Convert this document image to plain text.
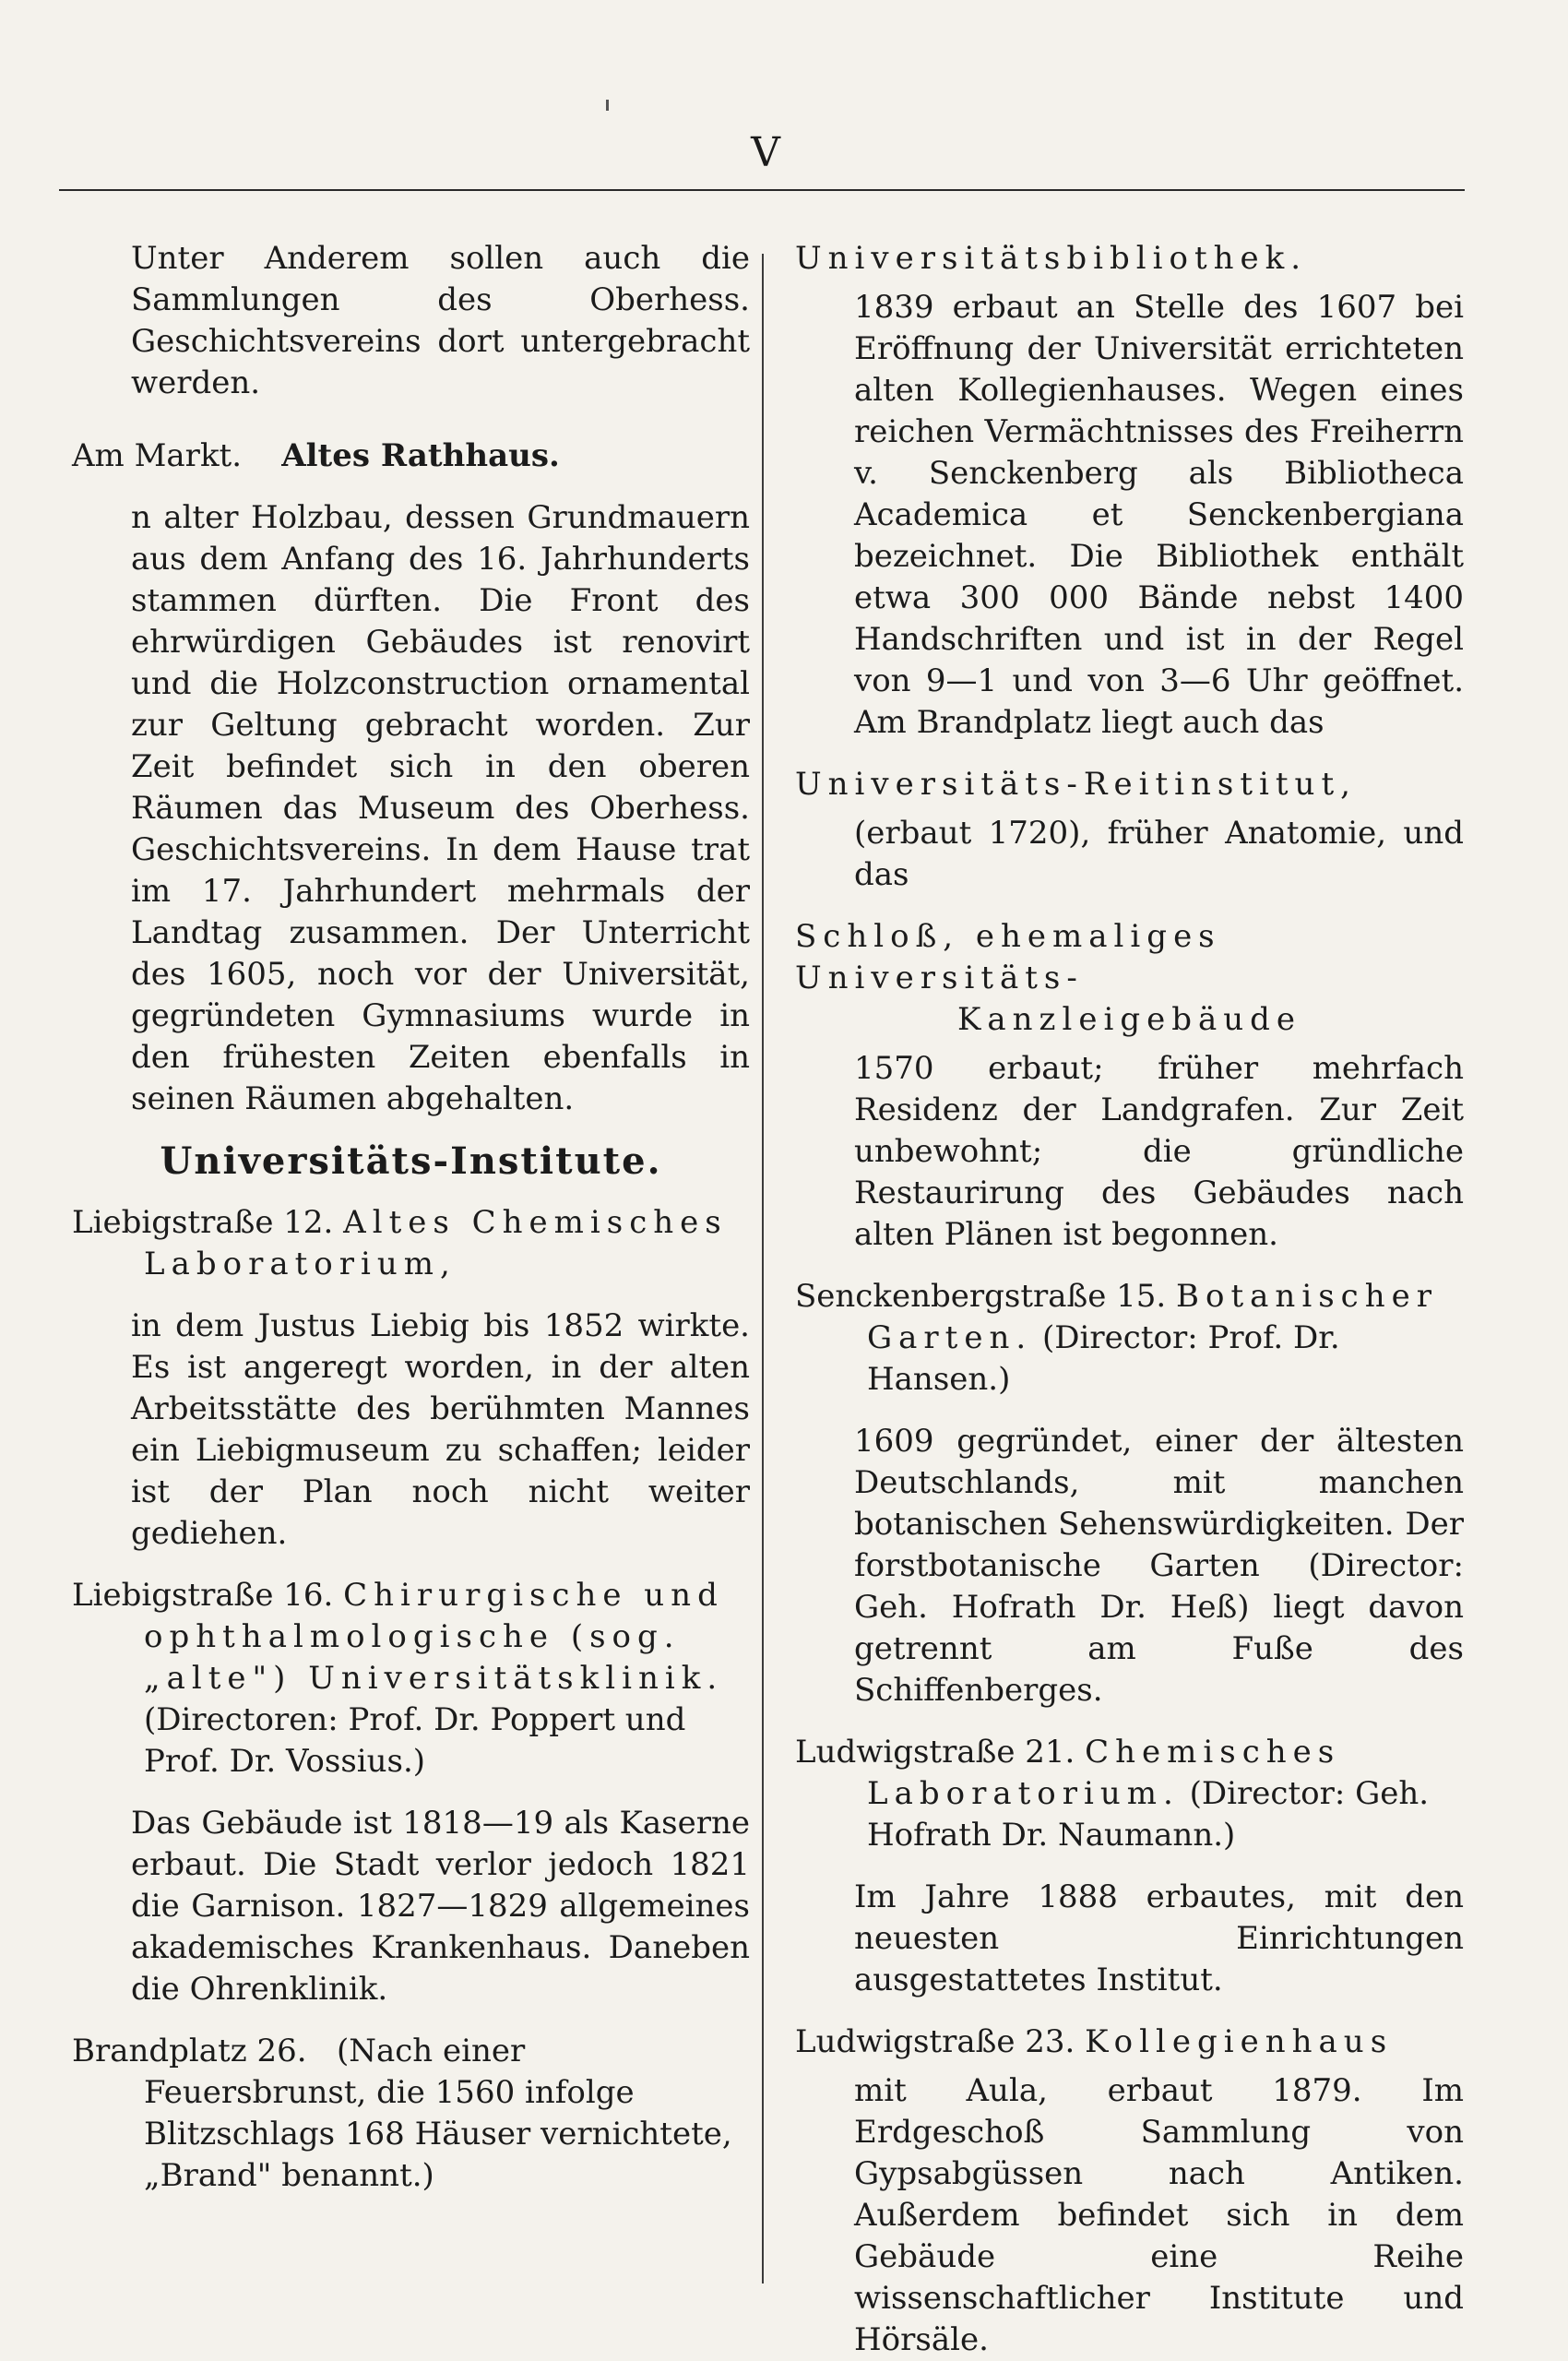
V
Unter Anderem sollen auch die Sammlungen des Oberhess. Geschichtsvereins dort untergebracht werden.
Am Markt. Altes Rathhaus.
n alter Holzbau, dessen Grundmauern aus dem Anfang des 16. Jahrhunderts stammen dürften. Die Front des ehrwürdigen Gebäudes ist renovirt und die Holzconstruction ornamental zur Geltung gebracht worden. Zur Zeit befindet sich in den oberen Räumen das Museum des Oberhess. Geschichtsvereins. In dem Hause trat im 17. Jahrhundert mehrmals der Landtag zusammen. Der Unterricht des 1605, noch vor der Universität, gegründeten Gymnasiums wurde in den frühesten Zeiten ebenfalls in seinen Räumen abgehalten.
Universitäts-Institute.
Liebigstraße 12. Altes Chemisches Laboratorium,
in dem Justus Liebig bis 1852 wirkte. Es ist angeregt worden, in der alten Arbeitsstätte des berühmten Mannes ein Liebigmuseum zu schaffen; leider ist der Plan noch nicht weiter gediehen.
Liebigstraße 16. Chirurgische und ophthalmologische (sog. „alte") Universitätsklinik. (Directoren: Prof. Dr. Poppert und Prof. Dr. Vossius.)
Das Gebäude ist 1818—19 als Kaserne erbaut. Die Stadt verlor jedoch 1821 die Garnison. 1827—1829 allgemeines akademisches Krankenhaus. Daneben die Ohrenklinik.
Brandplatz 26. (Nach einer Feuersbrunst, die 1560 infolge Blitzschlags 168 Häuser vernichtete, „Brand" benannt.)
Universitätsbibliothek.
1839 erbaut an Stelle des 1607 bei Eröffnung der Universität errichteten alten Kollegienhauses. Wegen eines reichen Vermächtnisses des Freiherrn v. Senckenberg als Bibliotheca Academica et Senckenbergiana bezeichnet. Die Bibliothek enthält etwa 300 000 Bände nebst 1400 Handschriften und ist in der Regel von 9—1 und von 3—6 Uhr geöffnet. Am Brandplatz liegt auch das
Universitäts-Reitinstitut,
(erbaut 1720), früher Anatomie, und das
Schloß, ehemaliges Universitäts-
Kanzleigebäude
1570 erbaut; früher mehrfach Residenz der Landgrafen. Zur Zeit unbewohnt; die gründliche Restaurirung des Gebäudes nach alten Plänen ist begonnen.
Senckenbergstraße 15. Botanischer Garten. (Director: Prof. Dr. Hansen.)
1609 gegründet, einer der ältesten Deutschlands, mit manchen botanischen Sehenswürdigkeiten. Der forstbotanische Garten (Director: Geh. Hofrath Dr. Heß) liegt davon getrennt am Fuße des Schiffenberges.
Ludwigstraße 21. Chemisches Laboratorium. (Director: Geh. Hofrath Dr. Naumann.)
Im Jahre 1888 erbautes, mit den neuesten Einrichtungen ausgestattetes Institut.
Ludwigstraße 23. Kollegienhaus
mit Aula, erbaut 1879. Im Erdgeschoß Sammlung von Gypsabgüssen nach Antiken. Außerdem befindet sich in dem Gebäude eine Reihe wissenschaftlicher Institute und Hörsäle.
